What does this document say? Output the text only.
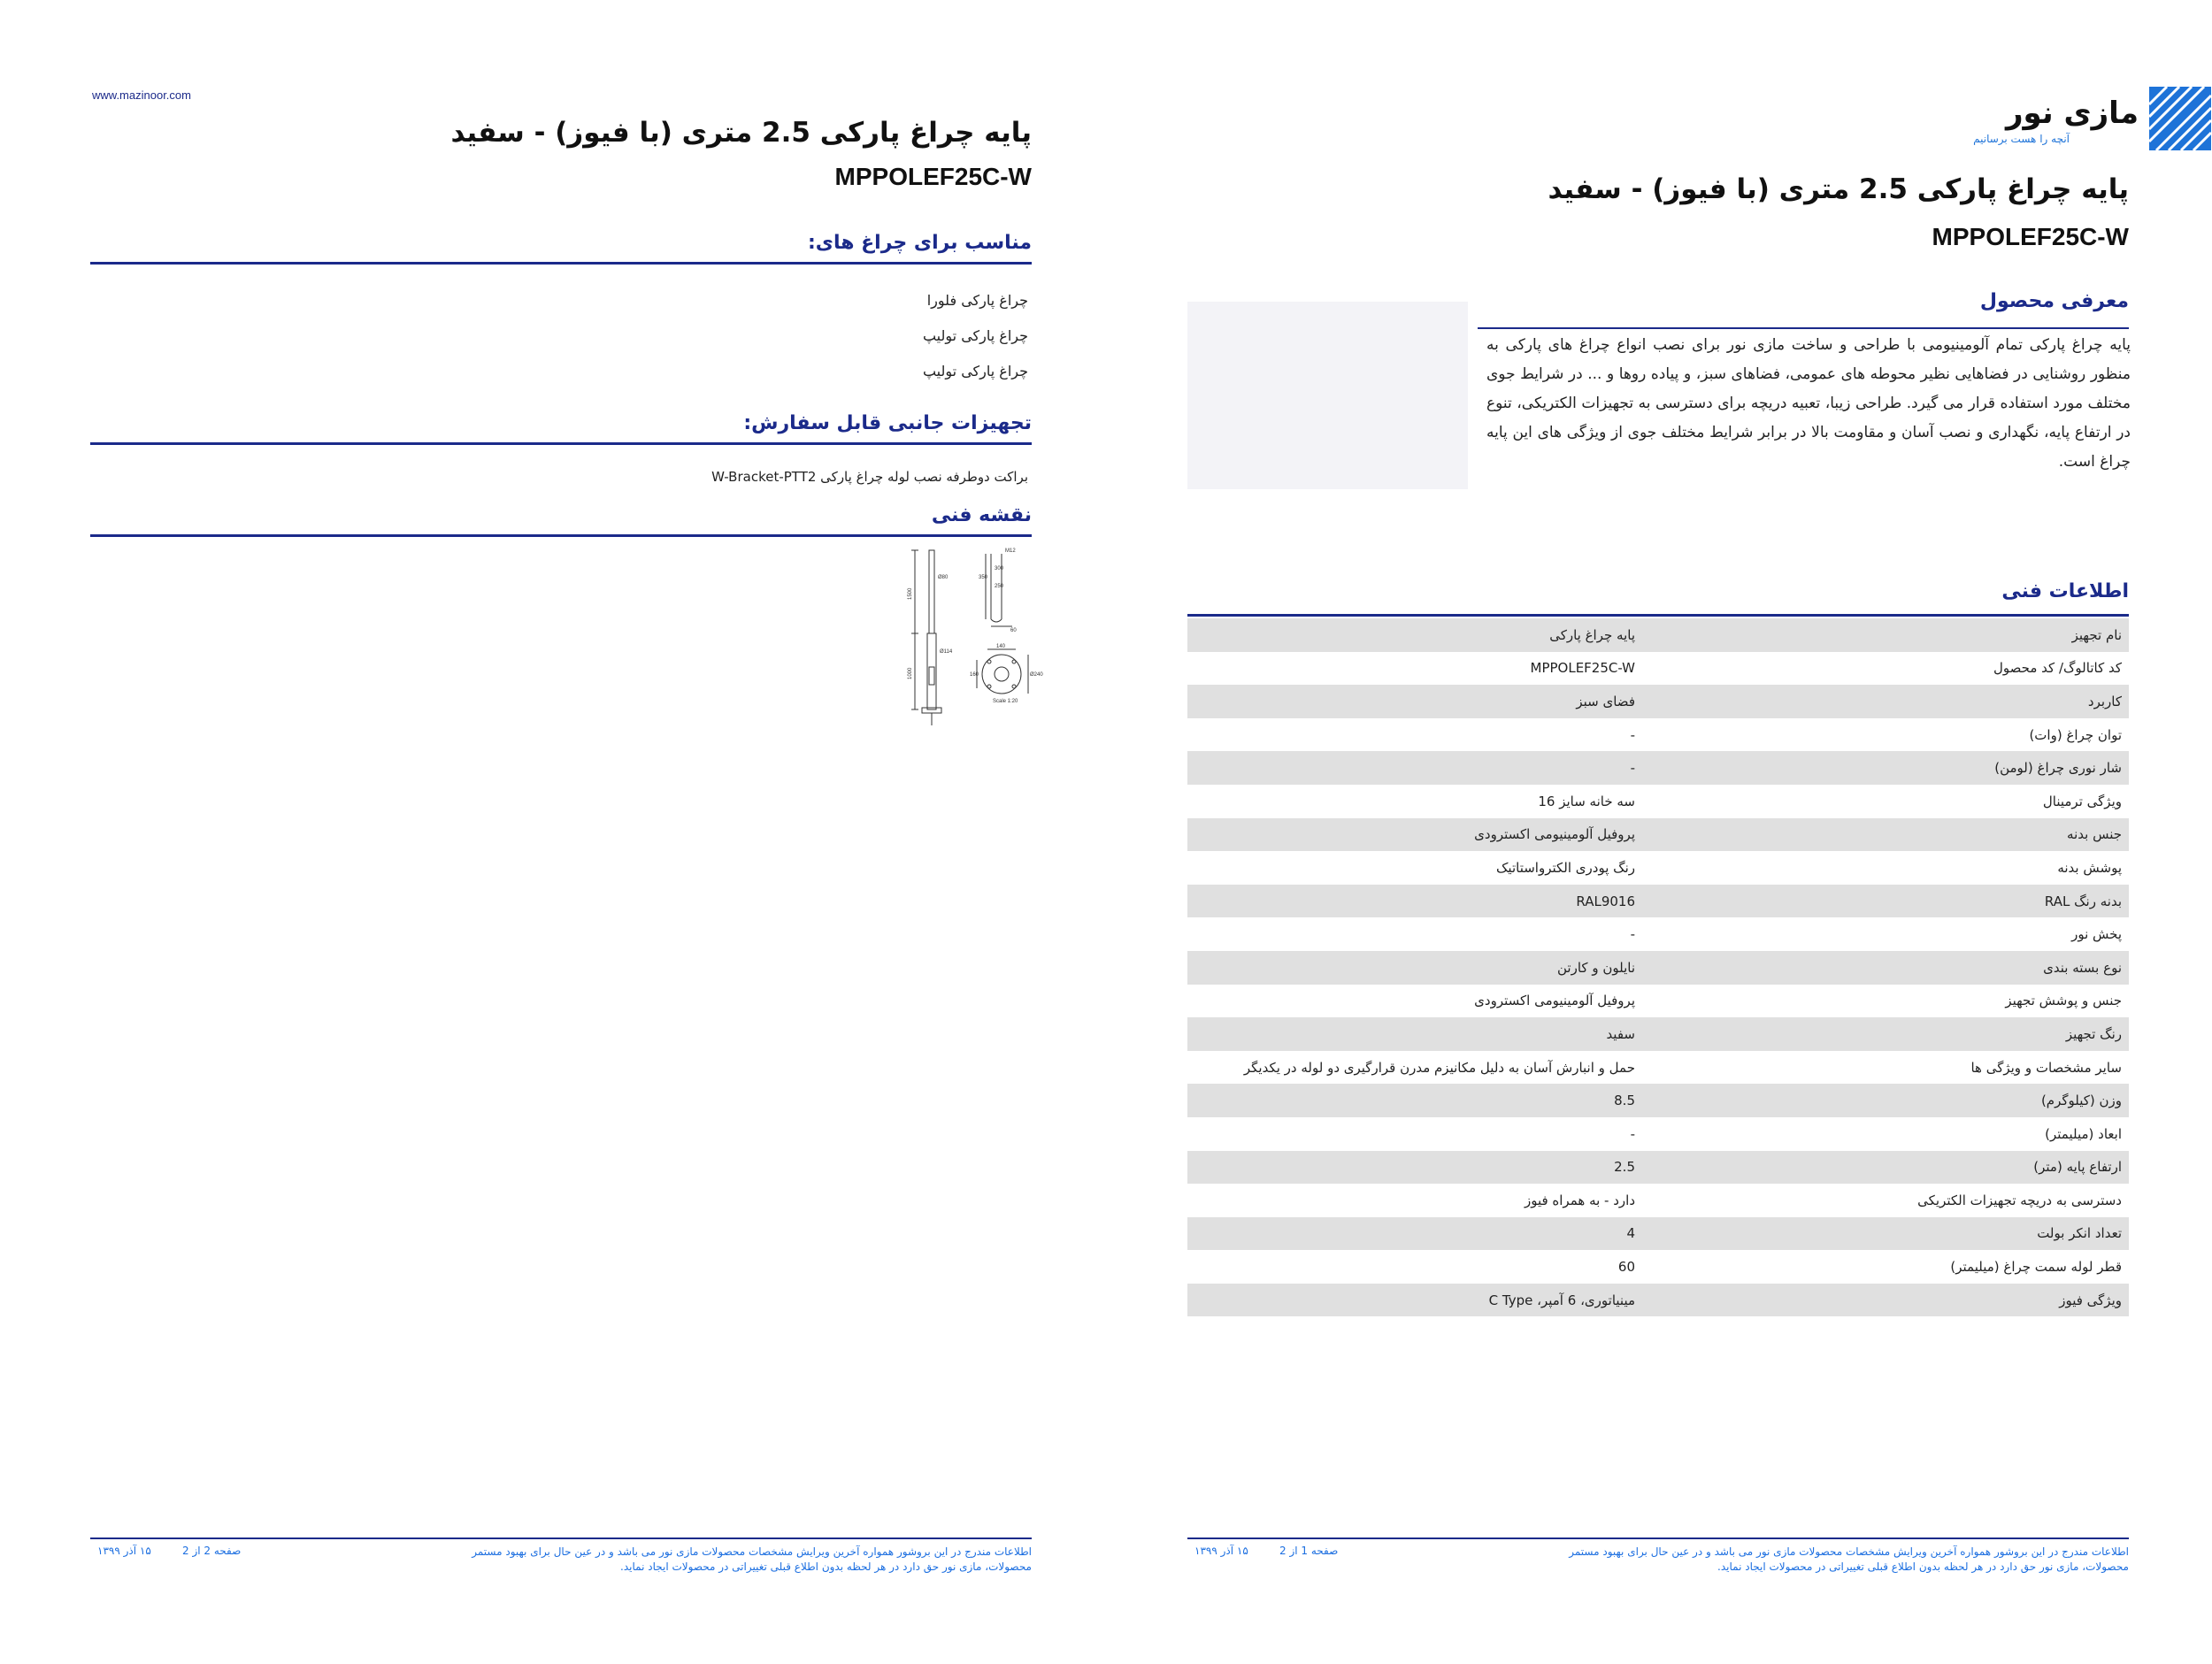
www.mazinoor.com
پایه چراغ پارکی 2.5 متری (با فیوز) - سفید
MPPOLEF25C-W
مناسب برای چراغ های:
چراغ پارکی فلورا
چراغ پارکی تولیپ
چراغ پارکی تولیپ
تجهیزات جانبی قابل سفارش:
براکت دوطرفه نصب لوله چراغ پارکی W-Bracket-PTT2
نقشه فنی
1500
1000
Ø80
Ø114
M12
350
300
250
60
140
160	Ø240
Scale 1:20
اطلاعات مندرج در این بروشور همواره آخرین ویرایش مشخصات محصولات مازی نور می باشد و در عین حال برای بهبود مستمر محصولات، مازی نور حق دارد در هر لحظه بدون اطلاع قبلی تغییراتی در محصولات ایجاد نماید.
صفحه 2 از 2
۱۵ آذر ۱۳۹۹
مازی نور
آنچه را هست برسانیم
پایه چراغ پارکی 2.5 متری (با فیوز) - سفید
MPPOLEF25C-W
معرفی محصول
پایه چراغ پارکی تمام آلومینیومی با طراحی و ساخت مازی نور برای نصب انواع چراغ های پارکی به منظور روشنایی در فضاهایی نظیر محوطه های عمومی، فضاهای سبز، و پیاده روها و ... در شرایط جوی مختلف مورد استفاده قرار می گیرد. طراحی زیبا، تعبیه دریچه برای دسترسی به تجهیزات الکتریکی، تنوع در ارتفاع پایه، نگهداری و نصب آسان و مقاومت بالا در برابر شرایط مختلف جوی از ویژگی های این پایه چراغ است.
اطلاعات فنی
نام تجهیز	پایه چراغ پارکی
کد کاتالوگ/ کد محصول	MPPOLEF25C-W
کاربرد	فضای سبز
توان چراغ (وات)	-
شار نوری چراغ (لومن)	-
ویژگی ترمینال	سه خانه سایز 16
جنس بدنه	پروفیل آلومینیومی اکسترودی
پوشش بدنه	رنگ پودری الکترواستاتیک
بدنه رنگ RAL	RAL9016
پخش نور	-
نوع بسته بندی	نایلون و کارتن
جنس و پوشش تجهیز	پروفیل آلومینیومی اکسترودی
رنگ تجهیز	سفید
سایر مشخصات و ویژگی ها	حمل و انبارش آسان به دلیل مکانیزم مدرن قرارگیری دو لوله در یکدیگر
وزن (کیلوگرم)	8.5
ابعاد (میلیمتر)	-
ارتفاع پایه (متر)	2.5
دسترسی به دریچه تجهیزات الکتریکی	دارد - به همراه فیوز
تعداد انکر بولت	4
قطر لوله سمت چراغ (میلیمتر)	60
ویژگی فیوز	مینیاتوری، 6 آمپر، C Type
اطلاعات مندرج در این بروشور همواره آخرین ویرایش مشخصات محصولات مازی نور می باشد و در عین حال برای بهبود مستمر محصولات، مازی نور حق دارد در هر لحظه بدون اطلاع قبلی تغییراتی در محصولات ایجاد نماید.
صفحه 1 از 2
۱۵ آذر ۱۳۹۹
